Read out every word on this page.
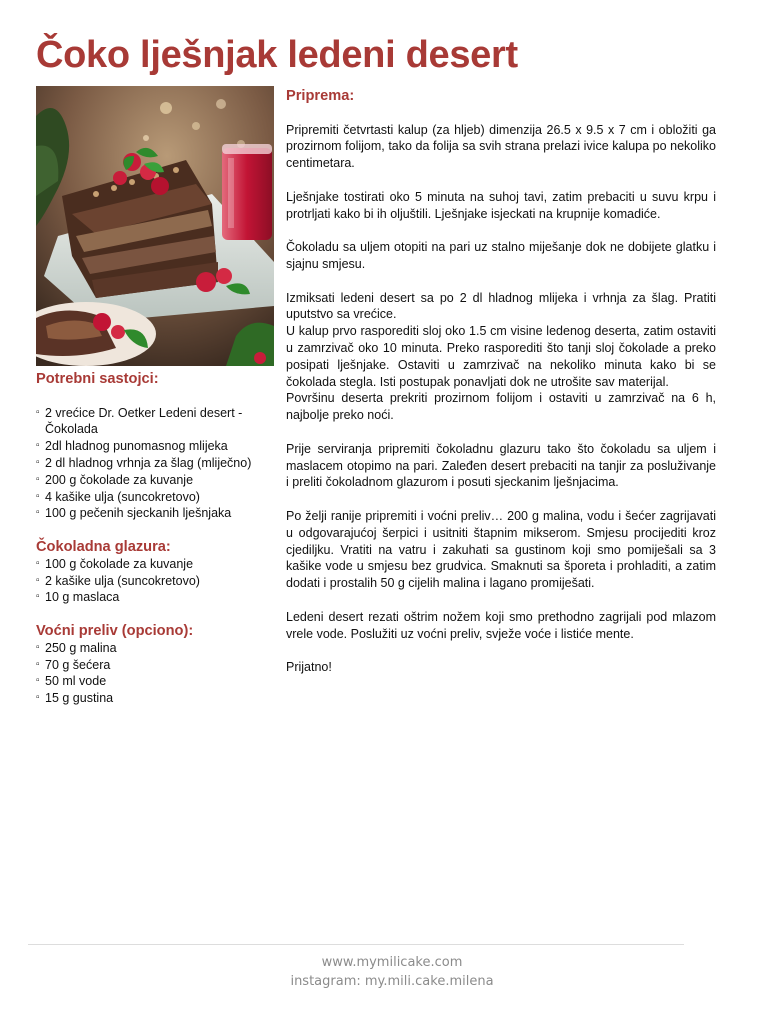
Čoko lješnjak ledeni desert
Potrebni sastojci:
▫ 2 vrećice Dr. Oetker Ledeni desert - Čokolada
▫ 2dl hladnog punomasnog mlijeka
▫ 2 dl hladnog vrhnja za šlag (mliječno)
▫ 200 g čokolade za kuvanje
▫ 4 kašike ulja (suncokretovo)
▫ 100 g pečenih sjeckanih lješnjaka
Čokoladna glazura:
▫ 100 g čokolade za kuvanje
▫ 2 kašike ulja (suncokretovo)
▫ 10 g maslaca
Voćni preliv (opciono):
▫ 250 g malina
▫ 70 g šećera
▫ 50 ml vode
▫ 15 g gustina
Priprema:

Pripremiti četvrtasti kalup (za hljeb) dimenzija 26.5 x 9.5 x 7 cm i obložiti ga prozirnom folijom, tako da folija sa svih strana prelazi ivice kalupa po nekoliko centimetara.

Lješnjake tostirati oko 5 minuta na suhoj tavi, zatim prebaciti u suvu krpu i protrljati kako bi ih oljuštili. Lješnjake isjeckati na krupnije komadiće.

Čokoladu sa uljem otopiti na pari uz stalno miješanje dok ne dobijete glatku i sjajnu smjesu.

Izmiksati ledeni desert sa po 2 dl hladnog mlijeka i vrhnja za šlag. Pratiti uputstvo sa vrećice.

U kalup prvo rasporediti sloj oko 1.5 cm visine ledenog deserta, zatim ostaviti u zamrzivač oko 10 minuta. Preko rasporediti što tanji sloj čokolade a preko posipati lješnjake. Ostaviti u zamrzivač na nekoliko minuta kako bi se čokolada stegla. Isti postupak ponavljati dok ne utrošite sav materijal.

Površinu deserta prekriti prozirnom folijom i ostaviti u zamrzivač na 6 h, najbolje preko noći.

Prije serviranja pripremiti čokoladnu glazuru tako što čokoladu sa uljem i maslacem otopimo na pari. Zaleđen desert prebaciti na tanjir za posluživanje i preliti čokoladnom glazurom i posuti sjeckanim lješnjacima.

Po želji ranije pripremiti i voćni preliv… 200 g malina, vodu i šećer zagrijavati u odgovarajućoj šerpici i usitniti štapnim mikserom. Smjesu procijediti kroz cjediljku. Vratiti na vatru i zakuhati sa gustinom koji smo pomiješali sa 3 kašike vode u smjesu bez grudvica. Smaknuti sa šporeta i prohladiti, a zatim dodati i prostalih 50 g cijelih malina i lagano promiješati.

Ledeni desert rezati oštrim nožem koji smo prethodno zagrijali pod mlazom vrele vode. Poslužiti uz voćni preliv, svježe voće i listiće mente.

Prijatno!

www.mymilicake.com
instagram: my.mili.cake.milena
